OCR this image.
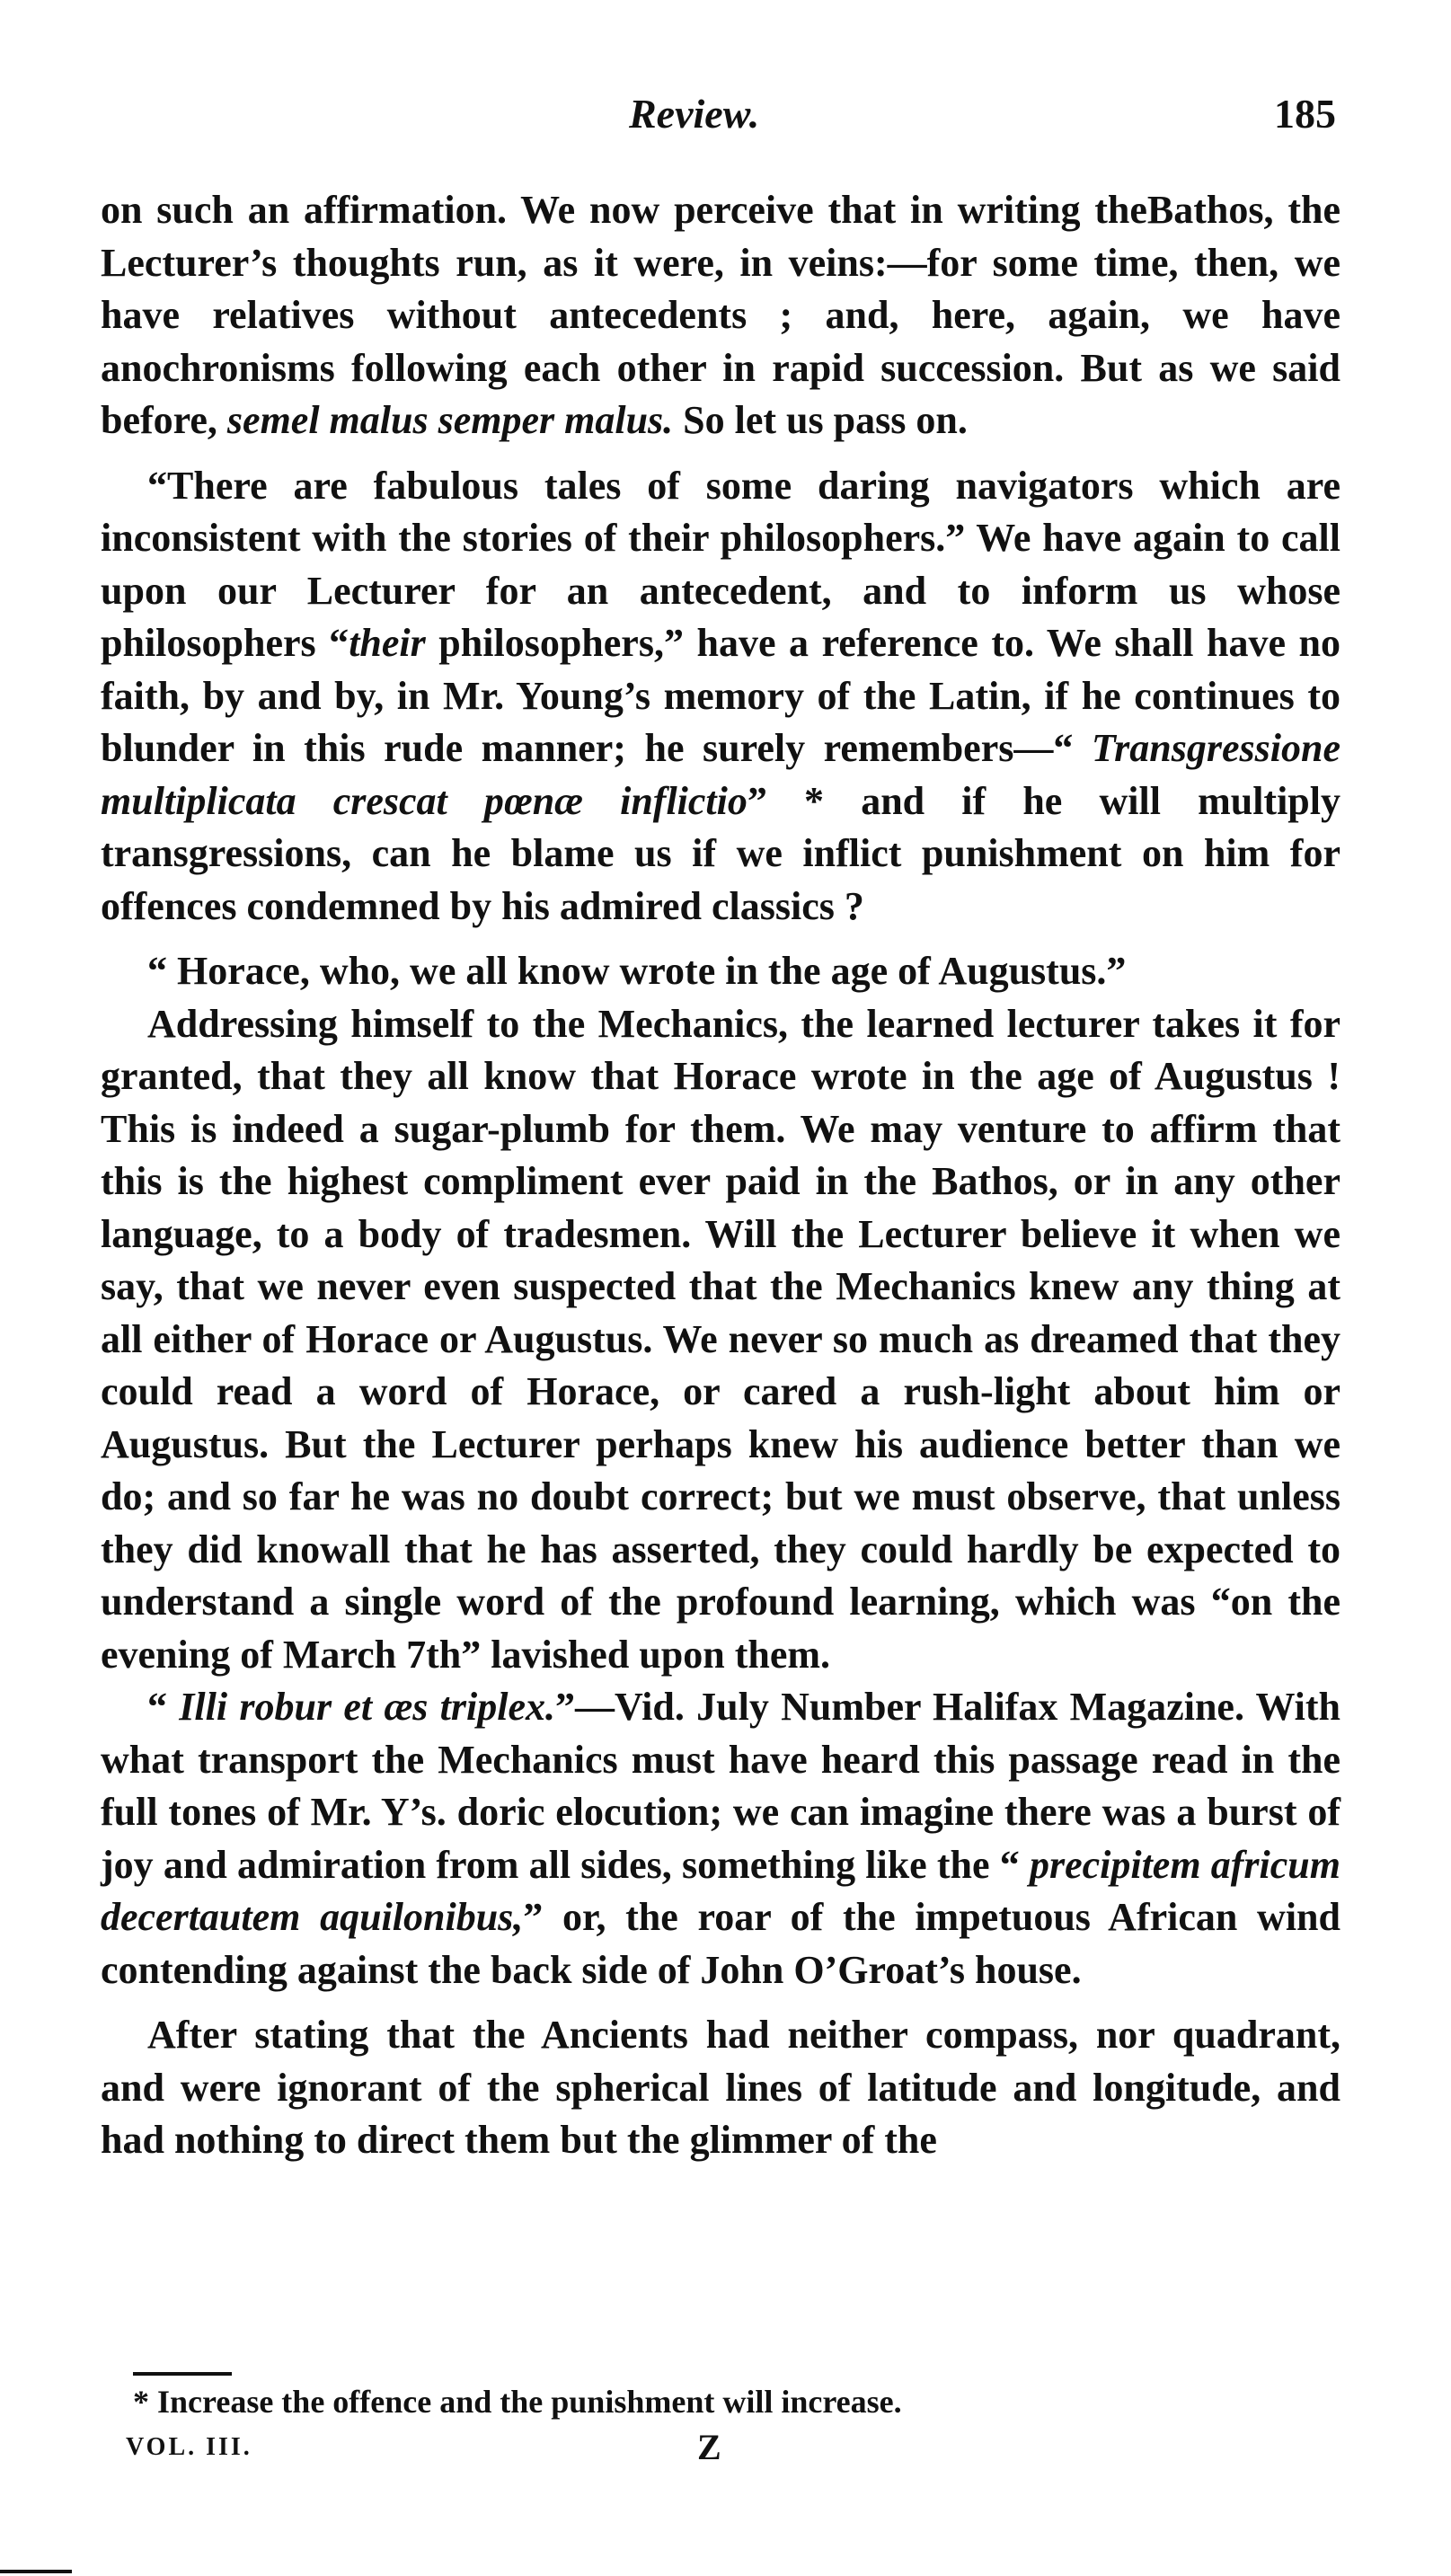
Review.	185

on such an affirmation. We now perceive that in writing theBathos, the Lecturer’s thoughts run, as it were, in veins:—for some time, then, we have relatives without antecedents ; and, here, again, we have anochronisms following each other in rapid succession. But as we said before, semel malus semper malus. So let us pass on.

“There are fabulous tales of some daring navigators which are inconsistent with the stories of their philosophers.” We have again to call upon our Lecturer for an antecedent, and to inform us whose philosophers “their philosophers,” have a reference to. We shall have no faith, by and by, in Mr. Young’s memory of the Latin, if he continues to blunder in this rude manner; he surely remembers—“ Transgressione multiplicata crescat pœnæ inflictio” * and if he will multiply transgressions, can he blame us if we inflict punishment on him for offences condemned by his admired classics ?

“ Horace, who, we all know wrote in the age of Augustus.”

Addressing himself to the Mechanics, the learned lecturer takes it for granted, that they all know that Horace wrote in the age of Augustus ! This is indeed a sugar-plumb for them. We may venture to affirm that this is the highest compliment ever paid in the Bathos, or in any other language, to a body of tradesmen. Will the Lecturer believe it when we say, that we never even suspected that the Mechanics knew any thing at all either of Horace or Augustus. We never so much as dreamed that they could read a word of Horace, or cared a rush-light about him or Augustus. But the Lecturer perhaps knew his audience better than we do; and so far he was no doubt correct; but we must observe, that unless they did knowall that he has asserted, they could hardly be expected to understand a single word of the profound learning, which was “on the evening of March 7th” lavished upon them.

“ Illi robur et æs triplex.”—Vid. July Number Halifax Magazine. With what transport the Mechanics must have heard this passage read in the full tones of Mr. Y’s. doric elocution; we can imagine there was a burst of joy and admiration from all sides, something like the “ precipitem africum decertautem aquilonibus,” or, the roar of the impetuous African wind contending against the back side of John O’Groat’s house.

After stating that the Ancients had neither compass, nor quadrant, and were ignorant of the spherical lines of latitude and longitude, and had nothing to direct them but the glimmer of the

* Increase the offence and the punishment will increase.
VOL. III.	Z
